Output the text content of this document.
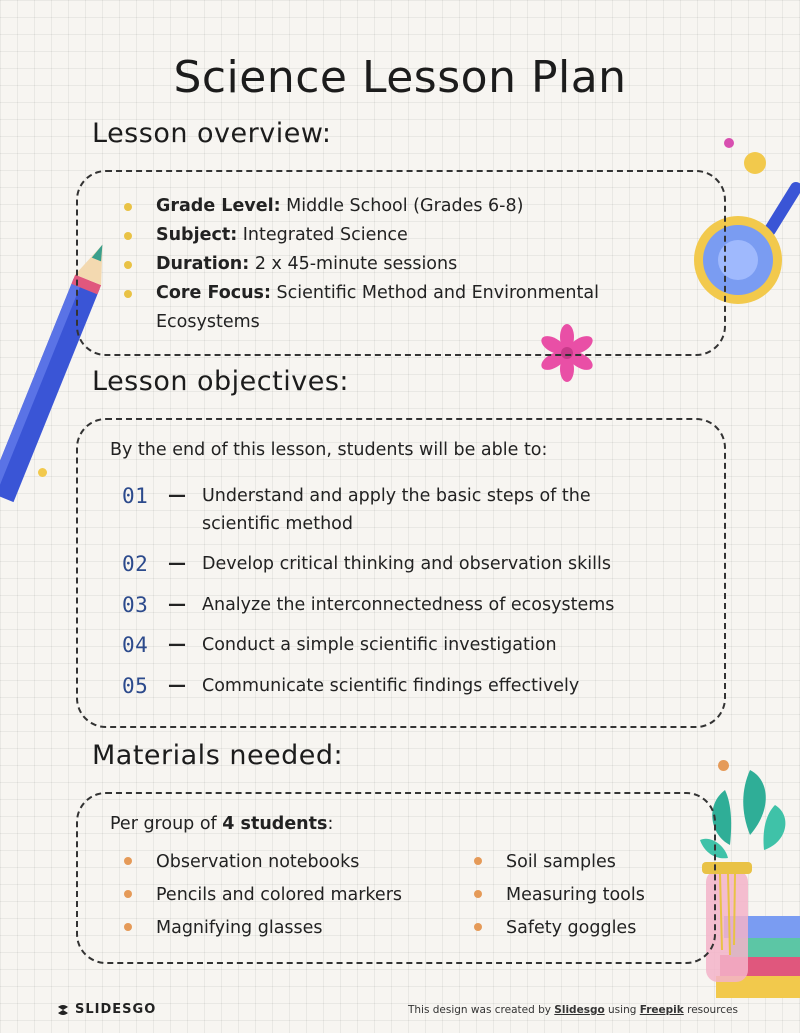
Science Lesson Plan
Lesson overview:
Grade Level: Middle School (Grades 6-8)
Subject: Integrated Science
Duration: 2 x 45-minute sessions
Core Focus: Scientific Method and Environmental Ecosystems
Lesson objectives:
By the end of this lesson, students will be able to:
01	— Understand and apply the basic steps of the scientific method
02	— Develop critical thinking and observation skills
03	— Analyze the interconnectedness of ecosystems
04	— Conduct a simple scientific investigation
05	— Communicate scientific findings effectively
Materials needed:
Per group of 4 students:
Observation notebooks
Pencils and colored markers
Magnifying glasses
Soil samples
Measuring tools
Safety goggles
SLIDESGO	This design was created by Slidesgo using Freepik resources
